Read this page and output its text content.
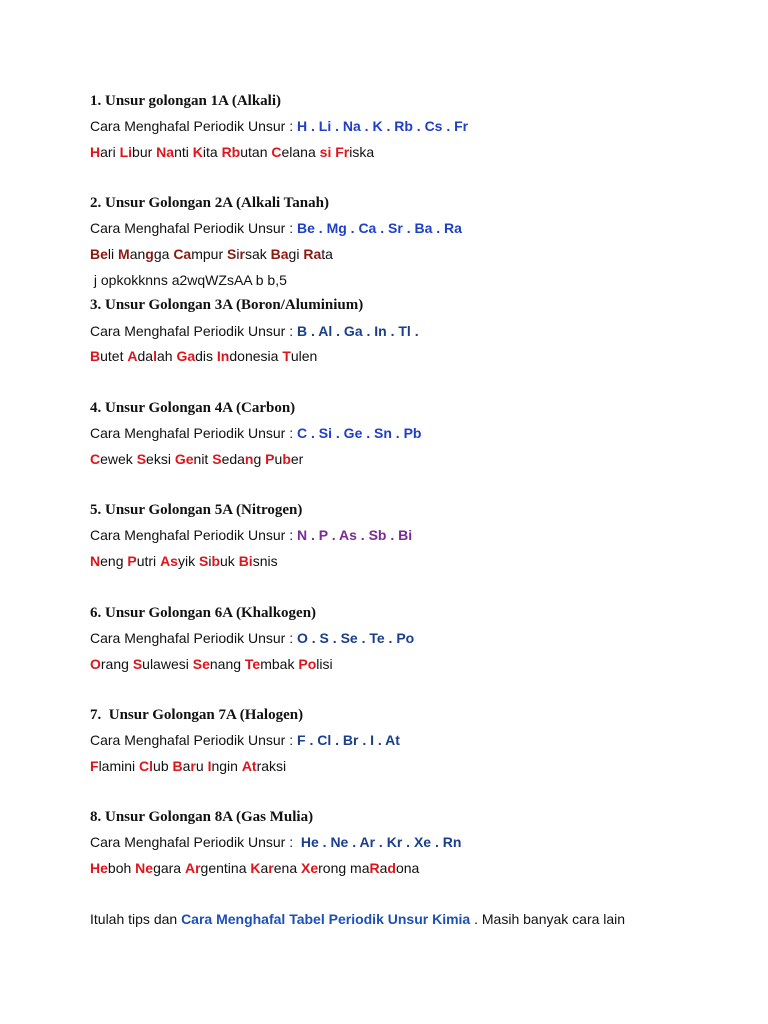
1. Unsur golongan 1A (Alkali)
Cara Menghafal Periodik Unsur : H . Li . Na . K . Rb . Cs . Fr
Hari Libur Nanti Kita Rbutan Celana si Friska
2. Unsur Golongan 2A (Alkali Tanah)
Cara Menghafal Periodik Unsur : Be . Mg . Ca . Sr . Ba . Ra
Beli Mangga Campur Sirsak Bagi Rata
j opkokknns a2wqWZsAA b b,5
3. Unsur Golongan 3A (Boron/Aluminium)
Cara Menghafal Periodik Unsur : B . Al . Ga . In . Tl .
Butet Adalah Gadis Indonesia Tulen
4. Unsur Golongan 4A (Carbon)
Cara Menghafal Periodik Unsur : C . Si . Ge . Sn . Pb
Cewek Seksi Genit Sedang Puber
5. Unsur Golongan 5A (Nitrogen)
Cara Menghafal Periodik Unsur : N . P . As . Sb . Bi
Neng Putri Asyik Sibuk Bisnis
6. Unsur Golongan 6A (Khalkogen)
Cara Menghafal Periodik Unsur : O . S . Se . Te . Po
Orang Sulawesi Senang Tembak Polisi
7.  Unsur Golongan 7A (Halogen)
Cara Menghafal Periodik Unsur : F . Cl . Br . I . At
Flamini Club Baru Ingin Atraksi
8. Unsur Golongan 8A (Gas Mulia)
Cara Menghafal Periodik Unsur :  He . Ne . Ar . Kr . Xe . Rn
Heboh Negara Argentina Karena Xerong maRadona
Itulah tips dan Cara Menghafal Tabel Periodik Unsur Kimia . Masih banyak cara lain
